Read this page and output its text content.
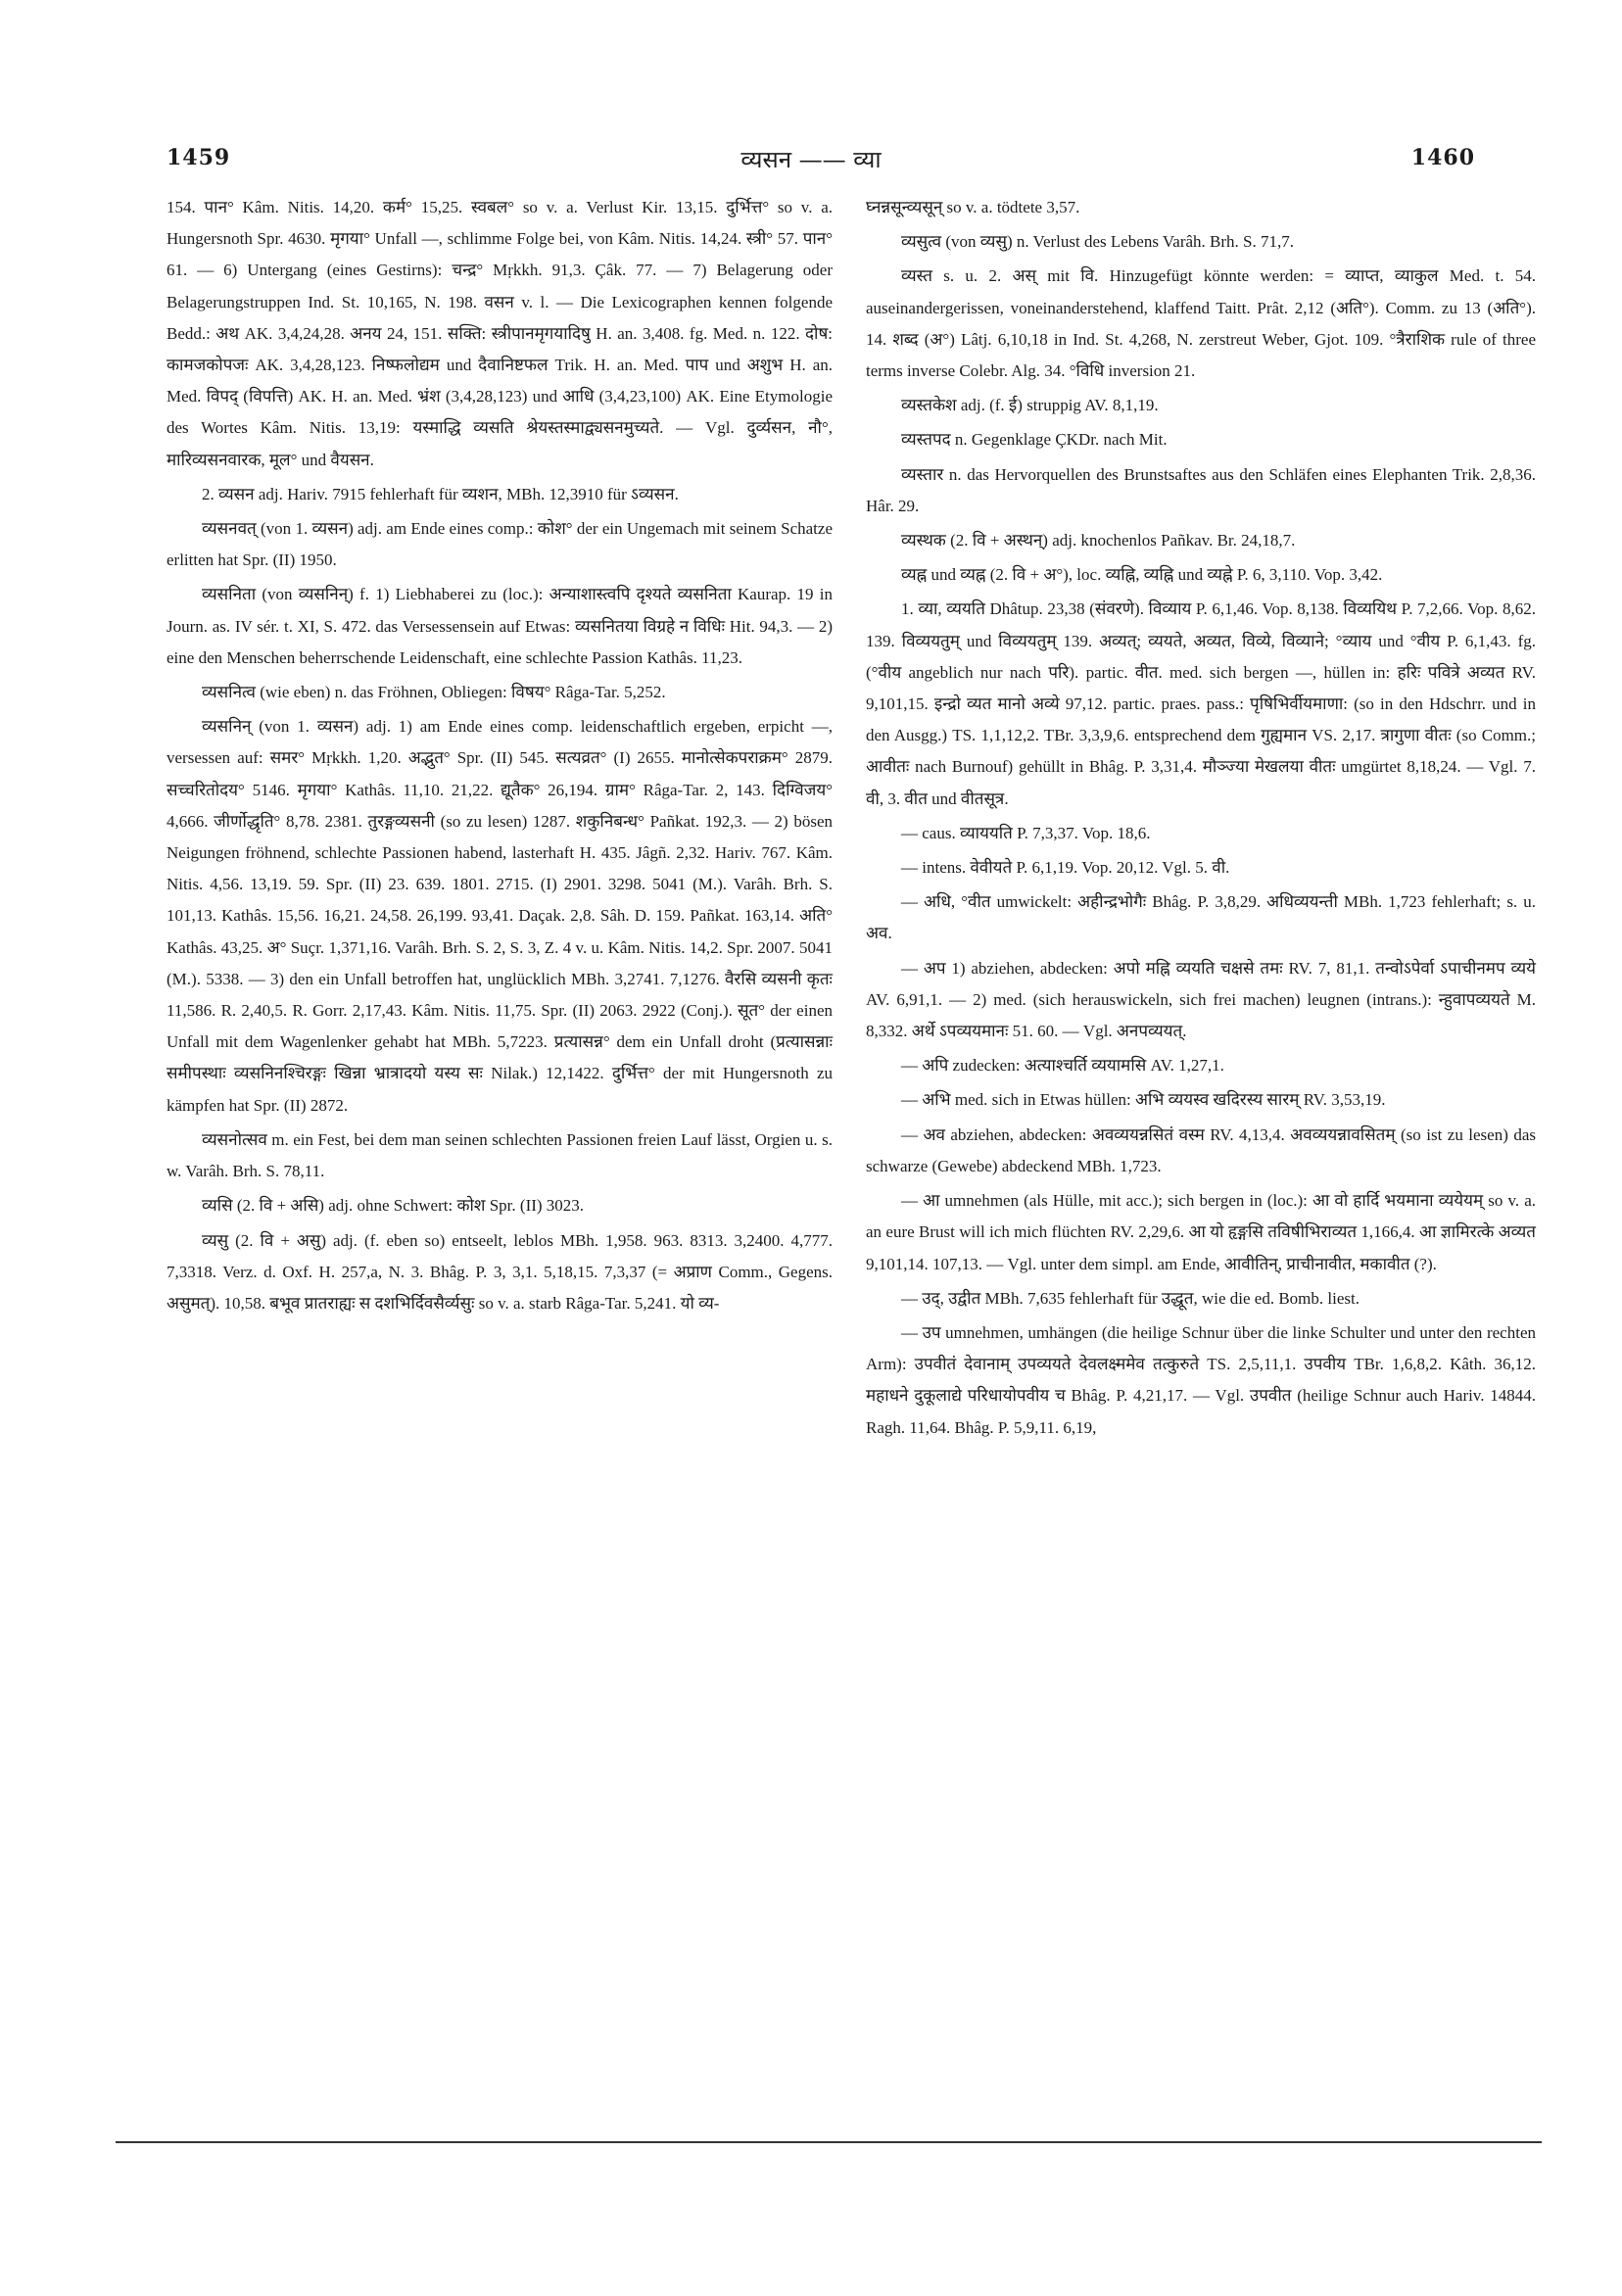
1459	व्यसन —— व्या	1460

154. पान° Kâm. Nitis. 14,20. कर्म° 15,25. स्वबल° so v. a. Verlust Kir. 13,15. दुर्भित्त° so v. a. Hungersnoth Spr. 4630. मृगया° Unfall —, schlimme Folge bei, von Kâm. Nitis. 14,24. स्त्री° 57. पान° 61. — 6) Untergang (eines Gestirns): चन्द्र° Mṛkkh. 91,3. Çâk. 77. — 7) Belagerung oder Belagerungstruppen Ind. St. 10,165, N. 198. वसन v. l. — Die Lexicographen kennen folgende Bedd.: अथ AK. 3,4,24,28. अनय 24, 151. सक्ति: स्त्रीपानमृगयादिषु H. an. 3,408. fg. Med. n. 122. दोष: कामजकोपजः AK. 3,4,28,123. निष्फलोद्यम und दैवानिष्टफल Trik. H. an. Med. पाप und अशुभ H. an. Med. विपद् (विपत्ति) AK. H. an. Med. भ्रंश (3,4,28,123) und आधि (3,4,23,100) AK. Eine Etymologie des Wortes Kâm. Nitis. 13,19: यस्माद्धि व्यसति श्रेयस्तस्माद्व्यसनमुच्यते. — Vgl. दुर्व्यसन, नौ°, मारिव्यसनवारक, मूल° und वैयसन.

2. व्यसन adj. Hariv. 7915 fehlerhaft für व्यशन, MBh. 12,3910 für ऽव्यसन.

व्यसनवत् (von 1. व्यसन) adj. am Ende eines comp.: कोश° der ein Ungemach mit seinem Schatze erlitten hat Spr. (II) 1950.

व्यसनिता (von व्यसनिन्) f. 1) Liebhaberei zu (loc.): अन्याशास्त्वपि दृश्यते व्यसनिता Kaurap. 19 in Journ. as. IV sér. t. XI, S. 472. das Versessensein auf Etwas: व्यसनितया विग्रहे न विधिः Hit. 94,3. — 2) eine den Menschen beherrschende Leidenschaft, eine schlechte Passion Kathâs. 11,23.

व्यसनित्व (wie eben) n. das Fröhnen, Obliegen: विषय° Râga-Tar. 5,252.

व्यसनिन् (von 1. व्यसन) adj. 1) am Ende eines comp. leidenschaftlich ergeben, erpicht —, versessen auf: समर° Mṛkkh. 1,20. अद्भुत° Spr. (II) 545. सत्यव्रत° (I) 2655. मानोत्सेकपराक्रम° 2879. सच्चरितोदय° 5146. मृगया° Kathâs. 11,10. 21,22. द्यूतैक° 26,194. ग्राम° Râga-Tar. 2, 143. दिग्विजय° 4,666. जीर्णोद्धृति° 8,78. 2381. तुरङ्गव्यसनी (so zu lesen) 1287. शकुनिबन्ध° Pañkat. 192,3. — 2) bösen Neigungen fröhnend, schlechte Passionen habend, lasterhaft H. 435. Jâgñ. 2,32. Hariv. 767. Kâm. Nitis. 4,56. 13,19. 59. Spr. (II) 23. 639. 1801. 2715. (I) 2901. 3298. 5041 (M.). Varâh. Brh. S. 101,13. Kathâs. 15,56. 16,21. 24,58. 26,199. 93,41. Daçak. 2,8. Sâh. D. 159. Pañkat. 163,14. अति° Kathâs. 43,25. अ° Suçr. 1,371,16. Varâh. Brh. S. 2, S. 3, Z. 4 v. u. Kâm. Nitis. 14,2. Spr. 2007. 5041 (M.). 5338. — 3) den ein Unfall betroffen hat, unglücklich MBh. 3,2741. 7,1276. वैरसि व्यसनी कृतः 11,586. R. 2,40,5. R. Gorr. 2,17,43. Kâm. Nitis. 11,75. Spr. (II) 2063. 2922 (Conj.). सूत° der einen Unfall mit dem Wagenlenker gehabt hat MBh. 5,7223. प्रत्यासन्न° dem ein Unfall droht (प्रत्यासन्नाः समीपस्थाः व्यसनिनश्चिरङ्गः खिन्ना भ्रात्रादयो यस्य सः Nilak.) 12,1422. दुर्भित्त° der mit Hungersnoth zu kämpfen hat Spr. (II) 2872.

व्यसनोत्सव m. ein Fest, bei dem man seinen schlechten Passionen freien Lauf lässt, Orgien u. s. w. Varâh. Brh. S. 78,11.

व्यसि (2. वि + असि) adj. ohne Schwert: कोश Spr. (II) 3023.

व्यसु (2. वि + असु) adj. (f. eben so) entseelt, leblos MBh. 1,958. 963. 8313. 3,2400. 4,777. 7,3318. Verz. d. Oxf. H. 257,a, N. 3. Bhâg. P. 3, 3,1. 5,18,15. 7,3,37 (= अप्राण Comm., Gegens. असुमत्). 10,58. बभूव प्रातराह्यः स दशभिर्दिवसैर्व्यसुः so v. a. starb Râga-Tar. 5,241. यो व्य-

घ्नन्नसून्व्यसून् so v. a. tödtete 3,57.

व्यसुत्व (von व्यसु) n. Verlust des Lebens Varâh. Brh. S. 71,7.

व्यस्त s. u. 2. अस् mit वि. Hinzugefügt könnte werden: = व्याप्त, व्याकुल Med. t. 54. auseinandergerissen, voneinanderstehend, klaffend Taitt. Prât. 2,12 (अति°). Comm. zu 13 (अति°). 14. शब्द (अ°) Lâtj. 6,10,18 in Ind. St. 4,268, N. zerstreut Weber, Gjot. 109. °त्रैराशिक rule of three terms inverse Colebr. Alg. 34. °विधि inversion 21.

व्यस्तकेश adj. (f. ई) struppig AV. 8,1,19.

व्यस्तपद n. Gegenklage ÇKDr. nach Mit.

व्यस्तार n. das Hervorquellen des Brunstsaftes aus den Schläfen eines Elephanten Trik. 2,8,36. Hâr. 29.

व्यस्थक (2. वि + अस्थन्) adj. knochenlos Pañkav. Br. 24,18,7.

व्यह्न und व्यह्न (2. वि + अ°), loc. व्यह्नि, व्यह्नि und व्यह्ने P. 6, 3,110. Vop. 3,42.

1. व्या, व्ययति Dhâtup. 23,38 (संवरणे). विव्याय P. 6,1,46. Vop. 8,138. विव्ययिथ P. 7,2,66. Vop. 8,62. 139. विव्ययतुम् und विव्ययतुम् 139. अव्यत्; व्ययते, अव्यत, विव्ये, विव्याने; °व्याय und °वीय P. 6,1,43. fg. (°वीय angeblich nur nach परि). partic. वीत. med. sich bergen —, hüllen in: हरिः पवित्रे अव्यत RV. 9,101,15. इन्द्रो व्यत मानो अव्ये 97,12. partic. praes. pass.: पृषिभिर्वीयमाणा: (so in den Hdschrr. und in den Ausgg.) TS. 1,1,12,2. TBr. 3,3,9,6. entsprechend dem गुह्यमान VS. 2,17. त्रागुणा वीतः (so Comm.; आवीतः nach Burnouf) gehüllt in Bhâg. P. 3,31,4. मौञ्ज्या मेखलया वीतः umgürtet 8,18,24. — Vgl. 7. वी, 3. वीत und वीतसूत्र.

— caus. व्याययति P. 7,3,37. Vop. 18,6.

— intens. वेवीयते P. 6,1,19. Vop. 20,12. Vgl. 5. वी.

— अधि, °वीत umwickelt: अहीन्द्रभोगैः Bhâg. P. 3,8,29. अधिव्ययन्ती MBh. 1,723 fehlerhaft; s. u. अव.

— अप 1) abziehen, abdecken: अपो मह्नि व्ययति चक्षसे तमः RV. 7, 81,1. तन्वोऽपेर्वा ऽपाचीनमप व्यये AV. 6,91,1. — 2) med. (sich herauswickeln, sich frei machen) leugnen (intrans.): न्हुवापव्ययते M. 8,332. अर्थे ऽपव्ययमानः 51. 60. — Vgl. अनपव्ययत्.

— अपि zudecken: अत्याश्चर्ति व्ययामसि AV. 1,27,1.

— अभि med. sich in Etwas hüllen: अभि व्ययस्व खदिरस्य सारम् RV. 3,53,19.

— अव abziehen, abdecken: अवव्ययन्नसितं वस्म RV. 4,13,4. अवव्ययन्नावसितम् (so ist zu lesen) das schwarze (Gewebe) abdeckend MBh. 1,723.

— आ umnehmen (als Hülle, mit acc.); sich bergen in (loc.): आ वो हार्दि भयमाना व्ययेयम् so v. a. an eure Brust will ich mich flüchten RV. 2,29,6. आ यो हृङ्गसि तविषीभिराव्यत 1,166,4. आ ज्ञामिरत्के अव्यत 9,101,14. 107,13. — Vgl. unter dem simpl. am Ende, आवीतिन्, प्राचीनावीत, मकावीत (?).

— उद्, उद्वीत MBh. 7,635 fehlerhaft für उद्धूत, wie die ed. Bomb. liest.

— उप umnehmen, umhängen (die heilige Schnur über die linke Schulter und unter den rechten Arm): उपवीतं देवानाम् उपव्ययते देवलक्ष्ममेव तत्कुरुते TS. 2,5,11,1. उपवीय TBr. 1,6,8,2. Kâth. 36,12. महाधने दुकूलाद्ये परिधायोपवीय च Bhâg. P. 4,21,17. — Vgl. उपवीत (heilige Schnur auch Hariv. 14844. Ragh. 11,64. Bhâg. P. 5,9,11. 6,19,
